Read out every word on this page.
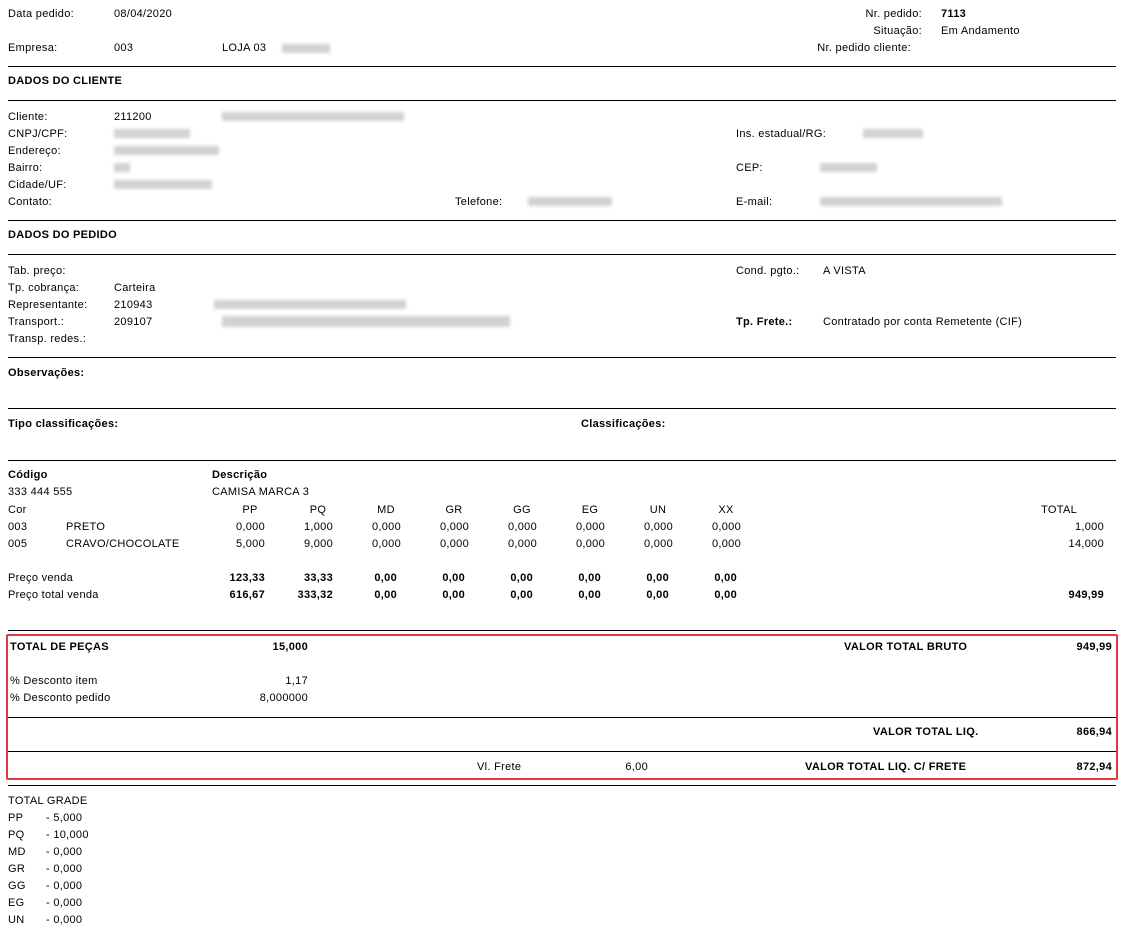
Data pedido:	08/04/2020
Empresa:	003	LOJA 03
Nr. pedido: 7113
Situação: Em Andamento
Nr. pedido cliente:
DADOS DO CLIENTE
Cliente:	211200
CNPJ/CPF:	Ins. estadual/RG:
Endereço:
Bairro:	CEP:
Cidade/UF:
Contato:	Telefone:	E-mail:
DADOS DO PEDIDO
Tab. preço:	Cond. pgto.: A VISTA
Tp. cobrança:	Carteira
Representante: 210943
Transport.:	209107	Tp. Frete.:	Contratado por conta Remetente (CIF)
Transp. redes.:
Observações:
Tipo classificações:	Classificações:
Código	Descrição
333 444 555	CAMISA MARCA 3
Cor	PP	PQ	MD	GR	GG	EG	UN	XX	TOTAL
003	PRETO	0,000	1,000	0,000	0,000	0,000	0,000	0,000	0,000	1,000
005	CRAVO/CHOCOLATE	5,000	9,000	0,000	0,000	0,000	0,000	0,000	0,000	14,000
Preço venda	123,33	33,33	0,00	0,00	0,00	0,00	0,00	0,00
Preço total venda	616,67	333,32	0,00	0,00	0,00	0,00	0,00	0,00	949,99
TOTAL DE PEÇAS	15,000	VALOR TOTAL BRUTO	949,99
% Desconto item	1,17
% Desconto pedido	8,000000
VALOR TOTAL LIQ.	866,94
Vl. Frete	6,00	VALOR TOTAL LIQ. C/ FRETE	872,94
TOTAL GRADE
PP - 5,000
PQ - 10,000
MD - 0,000
GR - 0,000
GG - 0,000
EG - 0,000
UN - 0,000
